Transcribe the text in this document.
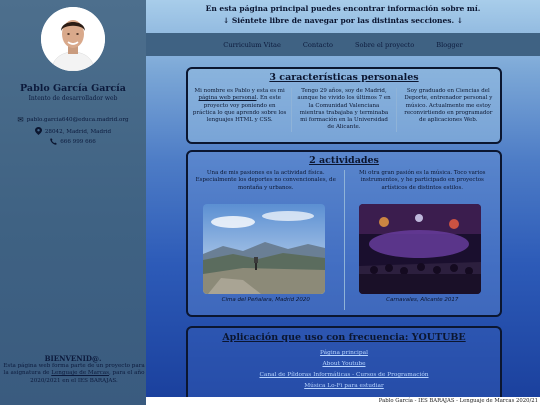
Pablo García García
Intento de desarrollador web
✉ pablo.garcia640@educa.madrid.org
28042, Madrid, Madrid
666 999 666
BIENVENID@.
Esta página web forma parte de un proyecto para la asignatura de Lenguaje de Marcas, para el año 2020/2021 en el IES BARAJAS.
En esta página principal puedes encontrar información sobre mí.
↓ Siéntete libre de navegar por las distintas secciones. ↓
Curriculum Vitae	Contacto	Sobre el proyecto	Blogger
3 características personales
Mi nombre es Pablo y esta es mi página web personal. En este proyecto voy poniendo en práctica lo que aprendo sobre los lenguajes HTML y CSS.
Tengo 29 años, soy de Madrid, aunque he vivido los últimos 7 en la Comunidad Valenciana mientras trabajaba y terminaba mi formación en la Universidad de Alicante.
Soy graduado en Ciencias del Deporte, entrenador personal y músico. Actualmente me estoy reconvirtiendo en programador de aplicaciones Web.
2 actividades
Una de mis pasiones es la actividad física. Especialmente los deportes no convencionales, de montaña y urbanos.
Cima del Peñalara, Madrid 2020
Mi otra gran pasión es la música. Toco varios instrumentos, y he participado en proyectos artísticos de distintos estilos.
Carnavales, Alicante 2017
Aplicación que uso con frecuencia: YOUTUBE
Página principal
About Youtube
Canal de Píldoras Informáticas - Cursos de Programación
Música Lo-Fi para estudiar
Pablo García - IES BARAJAS - Lenguaje de Marcas 2020/21
